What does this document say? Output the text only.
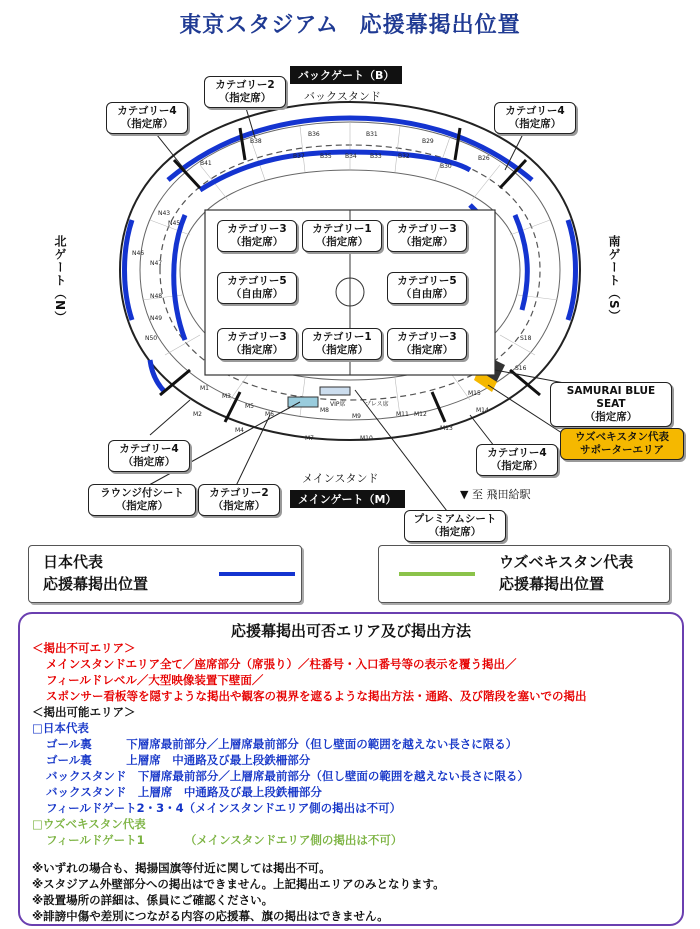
東京スタジアム 応援幕掲出位置
B36	B31
B38	B29
B37	B35 B34 B33	B32
B30
B41
B26
M1
M2
M3
M4
M5
M6
M7
M8
M9
M10
M11 M12
M13
M14
M15
S16
S18
N43
N45
N46
N47
N48
N49
N50
VIP席	プレス席
バックゲート（B）
バックスタンド
メインスタンド
メインゲート（M）	▼ 至 飛田給駅
北ゲート（N）	南ゲート（S）
カテゴリー3
（指定席）
カテゴリー1
（指定席）
カテゴリー3
（指定席）
カテゴリー5
（自由席）
カテゴリー5
（自由席）
カテゴリー3
（指定席）
カテゴリー1
（指定席）
カテゴリー3
（指定席）
カテゴリー2
（指定席）
カテゴリー4
（指定席）
カテゴリー4
（指定席）
SAMURAI BLUE SEAT
（指定席）
ウズベキスタン代表
サポーターエリア
カテゴリー4
（指定席）
カテゴリー4
（指定席）
ラウンジ付シート
（指定席）
カテゴリー2
（指定席）
プレミアムシート
（指定席）
日本代表
応援幕掲出位置
ウズベキスタン代表
応援幕掲出位置
応援幕掲出可否エリア及び掲出方法
＜掲出不可エリア＞
メインスタンドエリア全て／座席部分（席張り）／柱番号・入口番号等の表示を覆う掲出／
フィールドレベル／大型映像装置下壁面／
スポンサー看板等を隠すような掲出や観客の視界を遮るような掲出方法・通路、及び階段を塞いでの掲出
＜掲出可能エリア＞
□日本代表
ゴール裏　　　下層席最前部分／上層席最前部分（但し壁面の範囲を越えない長さに限る）
ゴール裏　　　上層席　中通路及び最上段鉄柵部分
バックスタンド　下層席最前部分／上層席最前部分（但し壁面の範囲を越えない長さに限る）
バックスタンド　上層席　中通路及び最上段鉄柵部分
フィールドゲート2・3・4（メインスタンドエリア側の掲出は不可）
□ウズベキスタン代表
フィールドゲート1　　　　（メインスタンドエリア側の掲出は不可）
※いずれの場合も、掲揚国旗等付近に関しては掲出不可。
※スタジアム外壁部分への掲出はできません。上記掲出エリアのみとなります。
※設置場所の詳細は、係員にご確認ください。
※誹謗中傷や差別につながる内容の応援幕、旗の掲出はできません。
